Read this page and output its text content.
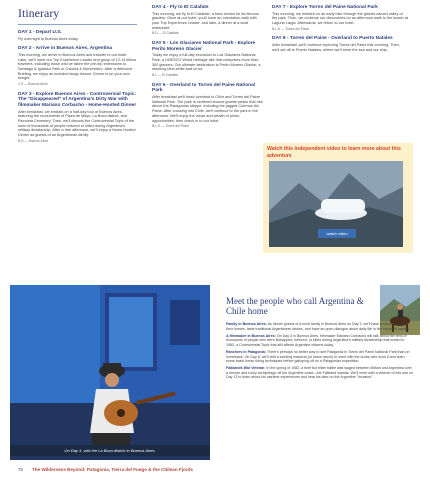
Itinerary
DAY 1 - Depart U.S.

Fly overnight to Buenos Aires today.

DAY 2 - Arrive in Buenos Aires, Argentina

This morning, we arrive in Buenos Aires and transfer to our hotel. Later, we'll meet our Trip Experience Leader and group of 12-14 fellow travelers, including those who've taken the pre-trip extensions to Santiago & Iguassu Falls or Colonia & Montevideo. After a Welcome Briefing, we enjoy an included tango lesson. Dinner is on your own tonight.

4 D — Buenos Aires
DAY 3 - Explore Buenos Aires - Controversial Topic: The "Disappeared" of Argentina's Dirty War with filmmaker Mariano Corbacho - Home-Hosted Dinner

After breakfast, we embark on a half-day tour of Buenos Aires, featuring the monuments of Plaza de Mayo, La Boca district, and Recoleta Cemetery. Then, we'll discuss the Controversial Topic of the sons of thousands of people tortured or killed during Argentina's military dictatorship. After a free afternoon, we'll enjoy a Home-Hosted Dinner as guests of an Argentinean family.

B,D — Buenos Aires
DAY 4 - Fly to El Calafate

This morning, we fly to El Calafate, a town known for its famous glaciers. Once at our hotel, you'll have an orientation walk with your Trip Experience Leader, and later, a dinner at a local restaurant.

B,D — El Calafate
DAY 5 - Los Glaciares National Park - Explore Perito Moreno Glacier

Today we enjoy a full-day excursion to Los Glaciares National Park, a UNESCO World Heritage site that comprises more than 300 glaciers. Our ultimate destination is Perito Moreno Glacier, a stunning blue-white wall of ice.

B,L — El Calafate
DAY 6 - Overland to Torres del Paine National Park

After breakfast we'll head overland to Chile and Torres del Paine National Park. The park is centered around granite peaks that rise above the Patagonian steppe, including the jagged Cuernos del Paine. After crossing into Chile, we'll continue to the park in the afternoon. We'll enjoy the views and wealth of photo opportunities, then check in to our hotel.

B,L,D — Torres del Paine
DAY 7 - Explore Torres del Paine National Park

This morning, we embark on an early hike through the glacier-carved valley of the park. Then, we continue our discoveries on an afternoon walk to the beach at Laguna Larga. Afterwards, we return to our hotel.

B,L,D — Torres del Paine
DAY 8 - Torres del Paine - Overland to Puerto Natales

After breakfast, we'll continue exploring Torres del Paine this morning. Then, we'll set off to Puerto Natales, where we'll meet the sea and our ship.

Watch this independent video to learn more about this adventure
watch video
On Day 3, visit the La Boca district in Buenos Aires.
Meet the people who call Argentina & Chile home

Family in Buenos Aires: As dinner guests of a local family in Buenos Aires on Day 3, we'll have a chance to enter their homes, taste traditional Argentinean dishes, and have an open dialogue about daily life in the country's capital.

A filmmaker in Buenos Aires: On Day 3 in Buenos Aires, filmmaker Mariano Corbacho will talk about the tens of thousands of people who were kidnapped, tortured, or killed during Argentina's military dictatorship that ended in 1983, a Controversial Topic that still affects Argentine citizens today.

Ranchers in Patagonia: There's perhaps no better way to see Patagonia in Torres del Paine National Park than on horseback. On Day 8, we'll visit a working estancia (or horse ranch) to meet with the locals who work it and learn some basic horse riding techniques before galloping off on a Patagonian expedition.

Falklands War Veteran: In the spring of 1982, a brief but bitter battle was waged between Britain and Argentina over a remote and rocky archipelago off the Argentine coast—the Falkland Islands. We'll meet with a veteran of this war on Day 13 to learn about his wartime experiences and hear his take on the Argentine "Invasion".

72 The Wilderness Beyond: Patagonia, Tierra del Fuego & the Chilean Fjords
